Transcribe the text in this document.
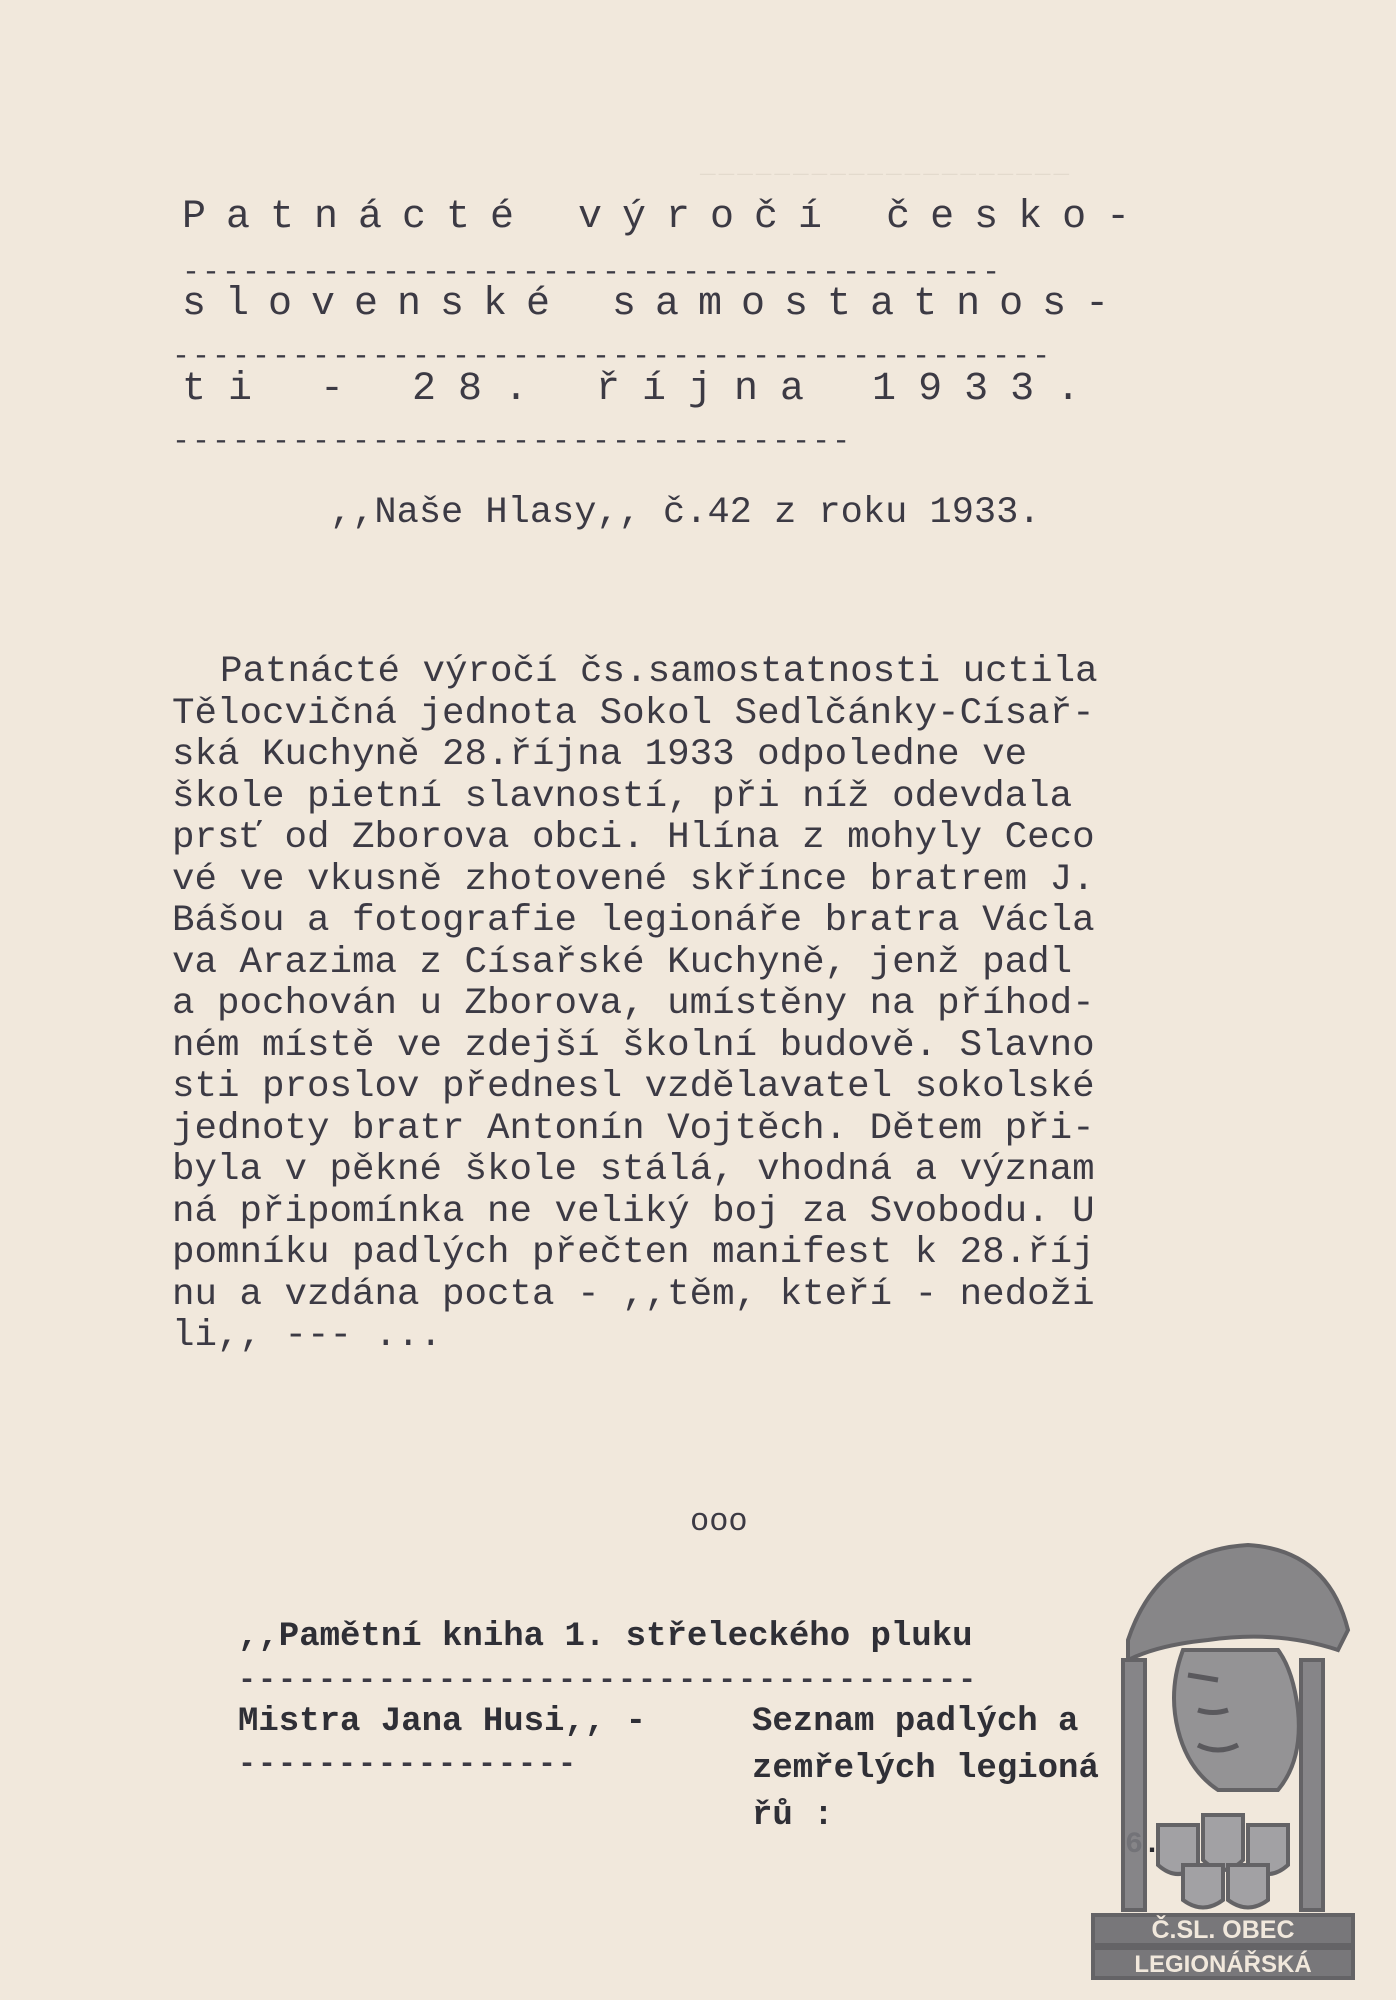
____________________
Patnácté výročí česko-
-----------------------------------------
slovenské samostatnos-
--------------------------------------------
ti - 28. října 1933.
----------------------------------
,,Naše Hlasy,, č.42 z roku 1933.
Patnácté výročí čs.samostatnosti uctila
Tělocvičná jednota Sokol Sedlčánky-Císař-
ská Kuchyně 28.října 1933 odpoledne ve
škole pietní slavností, při níž odevdala
prsť od Zborova obci. Hlína z mohyly Ceco
vé ve vkusně zhotovené skřínce bratrem J.
Bášou a fotografie legionáře bratra Václa
va Arazima z Císařské Kuchyně, jenž padl
a pochován u Zborova, umístěny na příhod-
ném místě ve zdejší školní budově. Slavno
sti proslov přednesl vzdělavatel sokolské
jednoty bratr Antonín Vojtěch. Dětem při-
byla v pěkné škole stálá, vhodná a význam
ná připomínka ne veliký boj za Svobodu. U
pomníku padlých přečten manifest k 28.říj
nu a vzdána pocta - ,,těm, kteří - nedoži
li,, --- ...
ooo
,,Pamětní kniha 1. střeleckého pluku
-------------------------------------
Mistra Jana Husi,, -	Seznam padlých a
-----------------	zemřelých legioná
řů :
Č.SL. OBEC
LEGIONÁŘSKÁ
